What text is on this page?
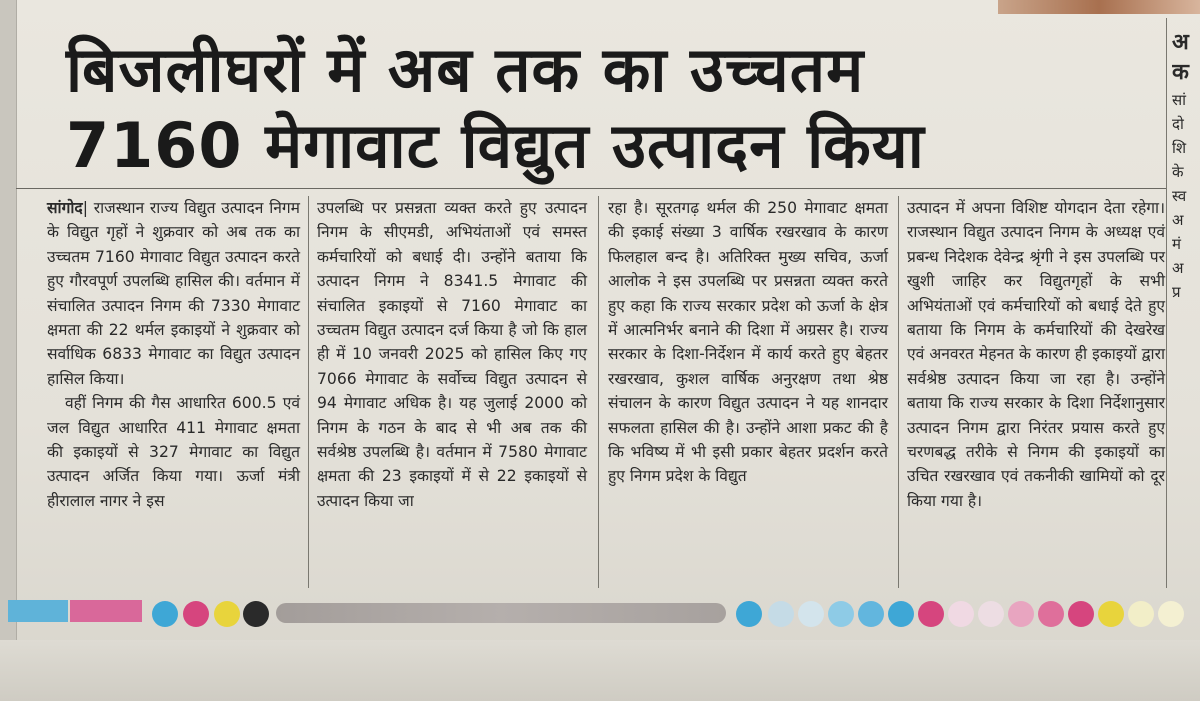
बिजलीघरों में अब तक का उच्चतम
7160 मेगावाट विद्युत उत्पादन किया

सांगोद| राजस्थान राज्य विद्युत उत्पादन निगम के विद्युत गृहों ने शुक्रवार को अब तक का उच्चतम 7160 मेगावाट विद्युत उत्पादन करते हुए गौरवपूर्ण उपलब्धि हासिल की। वर्तमान में संचालित उत्पादन निगम की 7330 मेगावाट क्षमता की 22 थर्मल इकाइयों ने शुक्रवार को सर्वाधिक 6833 मेगावाट का विद्युत उत्पादन हासिल किया।

वहीं निगम की गैस आधारित 600.5 एवं जल विद्युत आधारित 411 मेगावाट क्षमता की इकाइयों से 327 मेगावाट का विद्युत उत्पादन अर्जित किया गया। ऊर्जा मंत्री हीरालाल नागर ने इस

उपलब्धि पर प्रसन्नता व्यक्त करते हुए उत्पादन निगम के सीएमडी, अभियंताओं एवं समस्त कर्मचारियों को बधाई दी। उन्होंने बताया कि उत्पादन निगम ने 8341.5 मेगावाट की संचालित इकाइयों से 7160 मेगावाट का उच्चतम विद्युत उत्पादन दर्ज किया है जो कि हाल ही में 10 जनवरी 2025 को हासिल किए गए 7066 मेगावाट के सर्वोच्च विद्युत उत्पादन से 94 मेगावाट अधिक है। यह जुलाई 2000 को निगम के गठन के बाद से भी अब तक की सर्वश्रेष्ठ उपलब्धि है। वर्तमान में 7580 मेगावाट क्षमता की 23 इकाइयों में से 22 इकाइयों से उत्पादन किया जा

रहा है। सूरतगढ़ थर्मल की 250 मेगावाट क्षमता की इकाई संख्या 3 वार्षिक रखरखाव के कारण फिलहाल बन्द है। अतिरिक्त मुख्य सचिव, ऊर्जा आलोक ने इस उपलब्धि पर प्रसन्नता व्यक्त करते हुए कहा कि राज्य सरकार प्रदेश को ऊर्जा के क्षेत्र में आत्मनिर्भर बनाने की दिशा में अग्रसर है। राज्य सरकार के दिशा-निर्देशन में कार्य करते हुए बेहतर रखरखाव, कुशल वार्षिक अनुरक्षण तथा श्रेष्ठ संचालन के कारण विद्युत उत्पादन ने यह शानदार सफलता हासिल की है। उन्होंने आशा प्रकट की है कि भविष्य में भी इसी प्रकार बेहतर प्रदर्शन करते हुए निगम प्रदेश के विद्युत

उत्पादन में अपना विशिष्ट योगदान देता रहेगा। राजस्थान विद्युत उत्पादन निगम के अध्यक्ष एवं प्रबन्ध निदेशक देवेन्द्र श्रृंगी ने इस उपलब्धि पर खुशी जाहिर कर विद्युतगृहों के सभी अभियंताओं एवं कर्मचारियों को बधाई देते हुए बताया कि निगम के कर्मचारियों की देखरेख एवं अनवरत मेहनत के कारण ही इकाइयों द्वारा सर्वश्रेष्ठ उत्पादन किया जा रहा है। उन्होंने बताया कि राज्य सरकार के दिशा निर्देशानुसार उत्पादन निगम द्वारा निरंतर प्रयास करते हुए चरणबद्ध तरीके से निगम की इकाइयों का उचित रखरखाव एवं तकनीकी खामियों को दूर किया गया है।

अ
क
सां
दो
शि
के
स्व
अ
मं
अ
प्र
